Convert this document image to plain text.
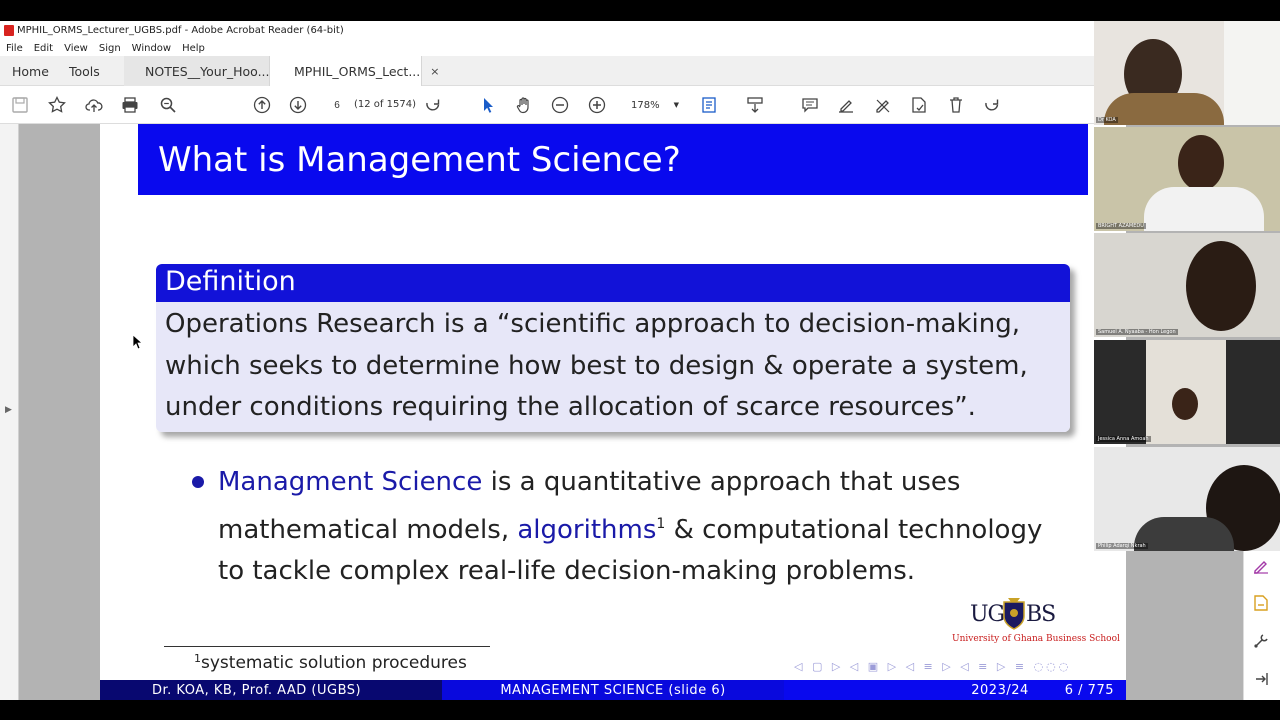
MPHIL_ORMS_Lecturer_UGBS.pdf - Adobe Acrobat Reader (64-bit)
File Edit View Sign Window Help
Home Tools	NOTES__Your_Hoo... MPHIL_ORMS_Lect... ×
6
(12 of 1574)	178% ▼
▶
What is Management Science?
Definition
Operations Research is a “scientific approach to decision-making,
which seeks to determine how best to design & operate a system,
under conditions requiring the allocation of scarce resources”.
Managment Science is a quantitative approach that uses
mathematical models, algorithms$^1$ & computational technology
to tackle complex real-life decision-making problems.
$^1$systematic solution procedures
UG BS
University of Ghana Business School
◁ ▢ ▷ ◁ ▣ ▷ ◁ ≡ ▷ ◁ ≡ ▷ ≡ ◌◌◌
Dr. KOA, KB, Prof. AAD (UGBS)	MANAGEMENT SCIENCE (slide 6)	2023/24	6 / 775
Dr KOA
BRIGHT AZAMEDU
Samuel A. Nyaaba - Hon Legon
Jessica Anna Amoah
Philip Adarqi Nkrah
